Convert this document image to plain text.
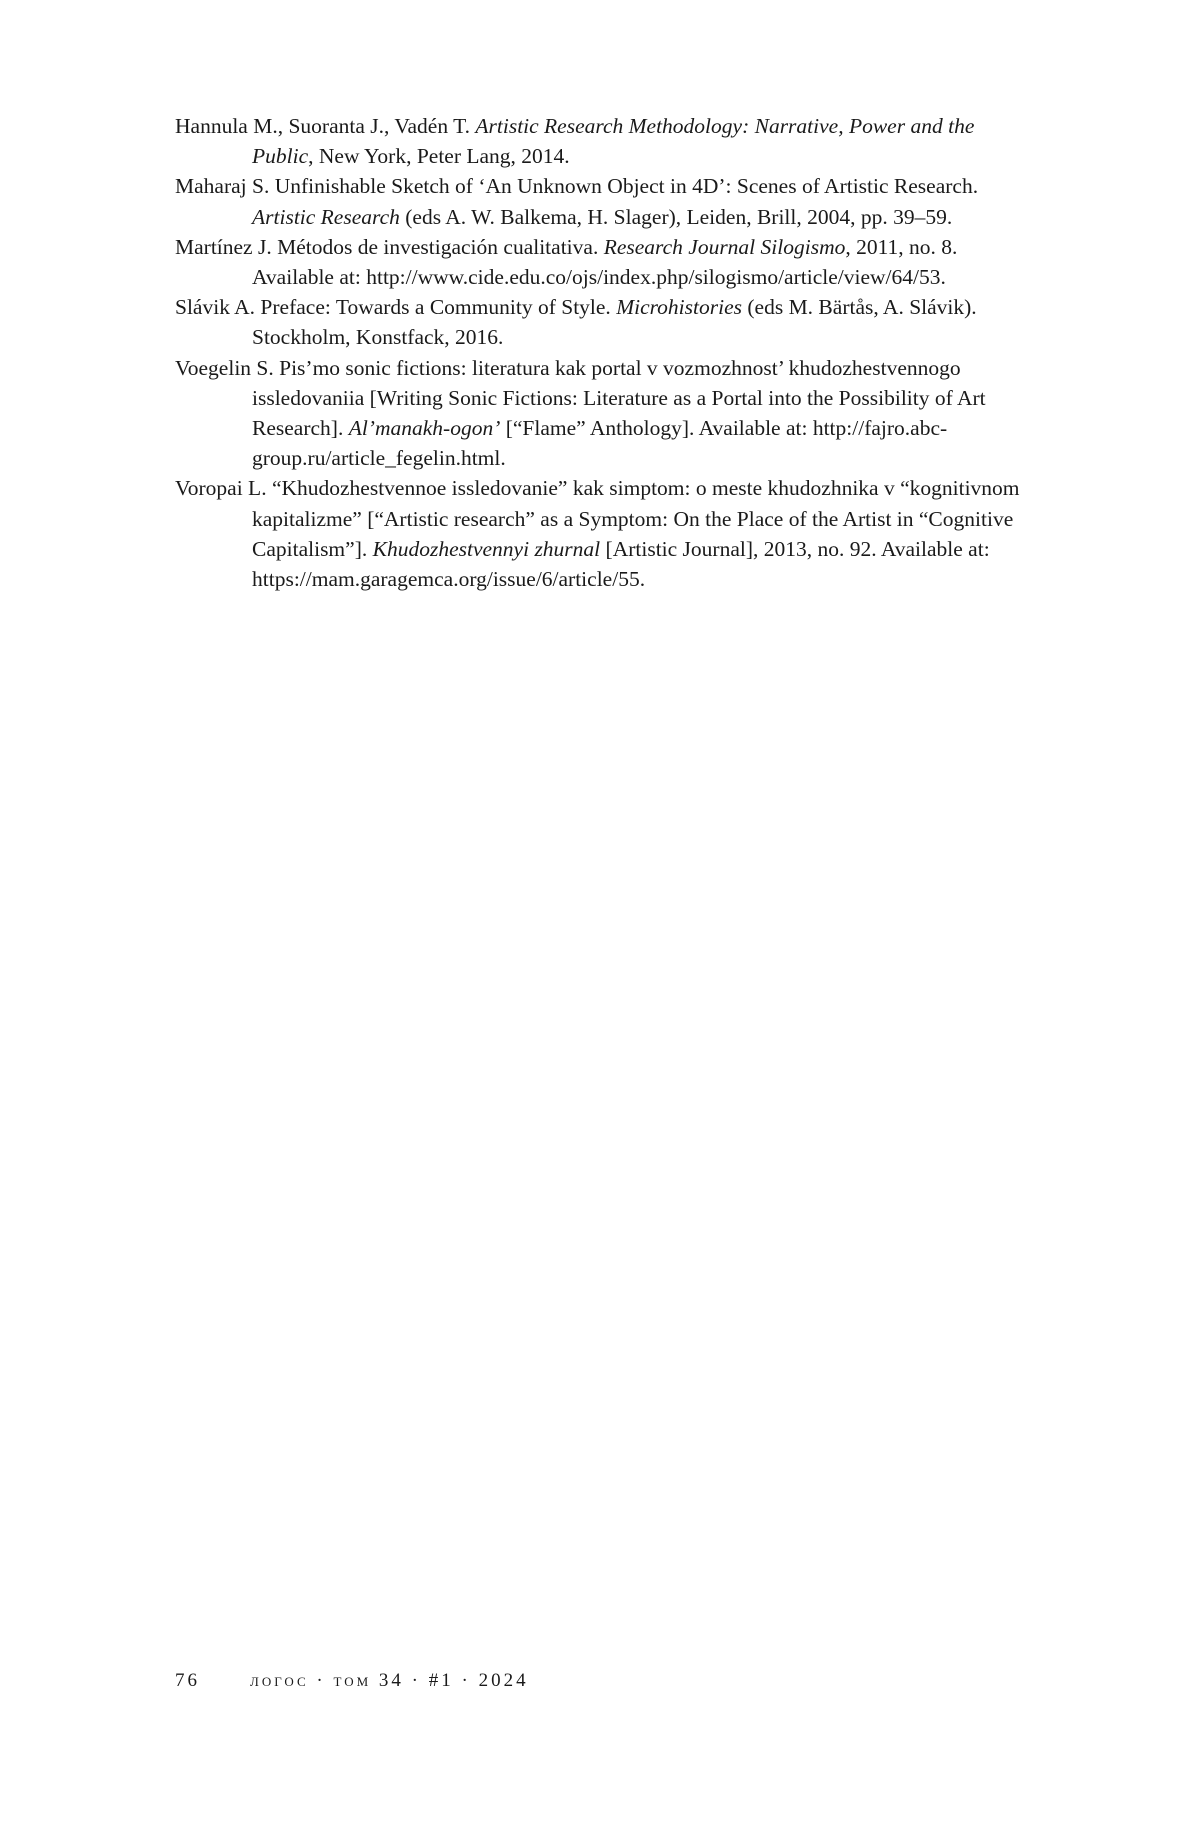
Hannula M., Suoranta J., Vadén T. Artistic Research Methodology: Narrative, Power and the Public, New York, Peter Lang, 2014.

Maharaj S. Unfinishable Sketch of ‘An Unknown Object in 4D’: Scenes of Artistic Research. Artistic Research (eds A. W. Balkema, H. Slager), Leiden, Brill, 2004, pp. 39–59.

Martínez J. Métodos de investigación cualitativa. Research Journal Silogismo, 2011, no. 8. Available at: http://www.cide.edu.co/ojs/index.php/silogismo/article/view/64/53.

Slávik A. Preface: Towards a Community of Style. Microhistories (eds M. Bärtås, A. Slávik). Stockholm, Konstfack, 2016.

Voegelin S. Pis’mo sonic fictions: literatura kak portal v vozmozhnost’ khudozhestvennogo issledovaniia [Writing Sonic Fictions: Literature as a Portal into the Possibility of Art Research]. Al’manakh-ogon’ [“Flame” Anthology]. Available at: http://fajro.abc-group.ru/article_fegelin.html.

Voropai L. “Khudozhestvennoe issledovanie” kak simptom: o meste khudozhnika v “kognitivnom kapitalizme” [“Artistic research” as a Symptom: On the Place of the Artist in “Cognitive Capitalism”]. Khudozhestvennyi zhurnal [Artistic Journal], 2013, no. 92. Available at: https://mam.garagemca.org/issue/6/article/55.

76	логос · том 34 · #1 · 2024
